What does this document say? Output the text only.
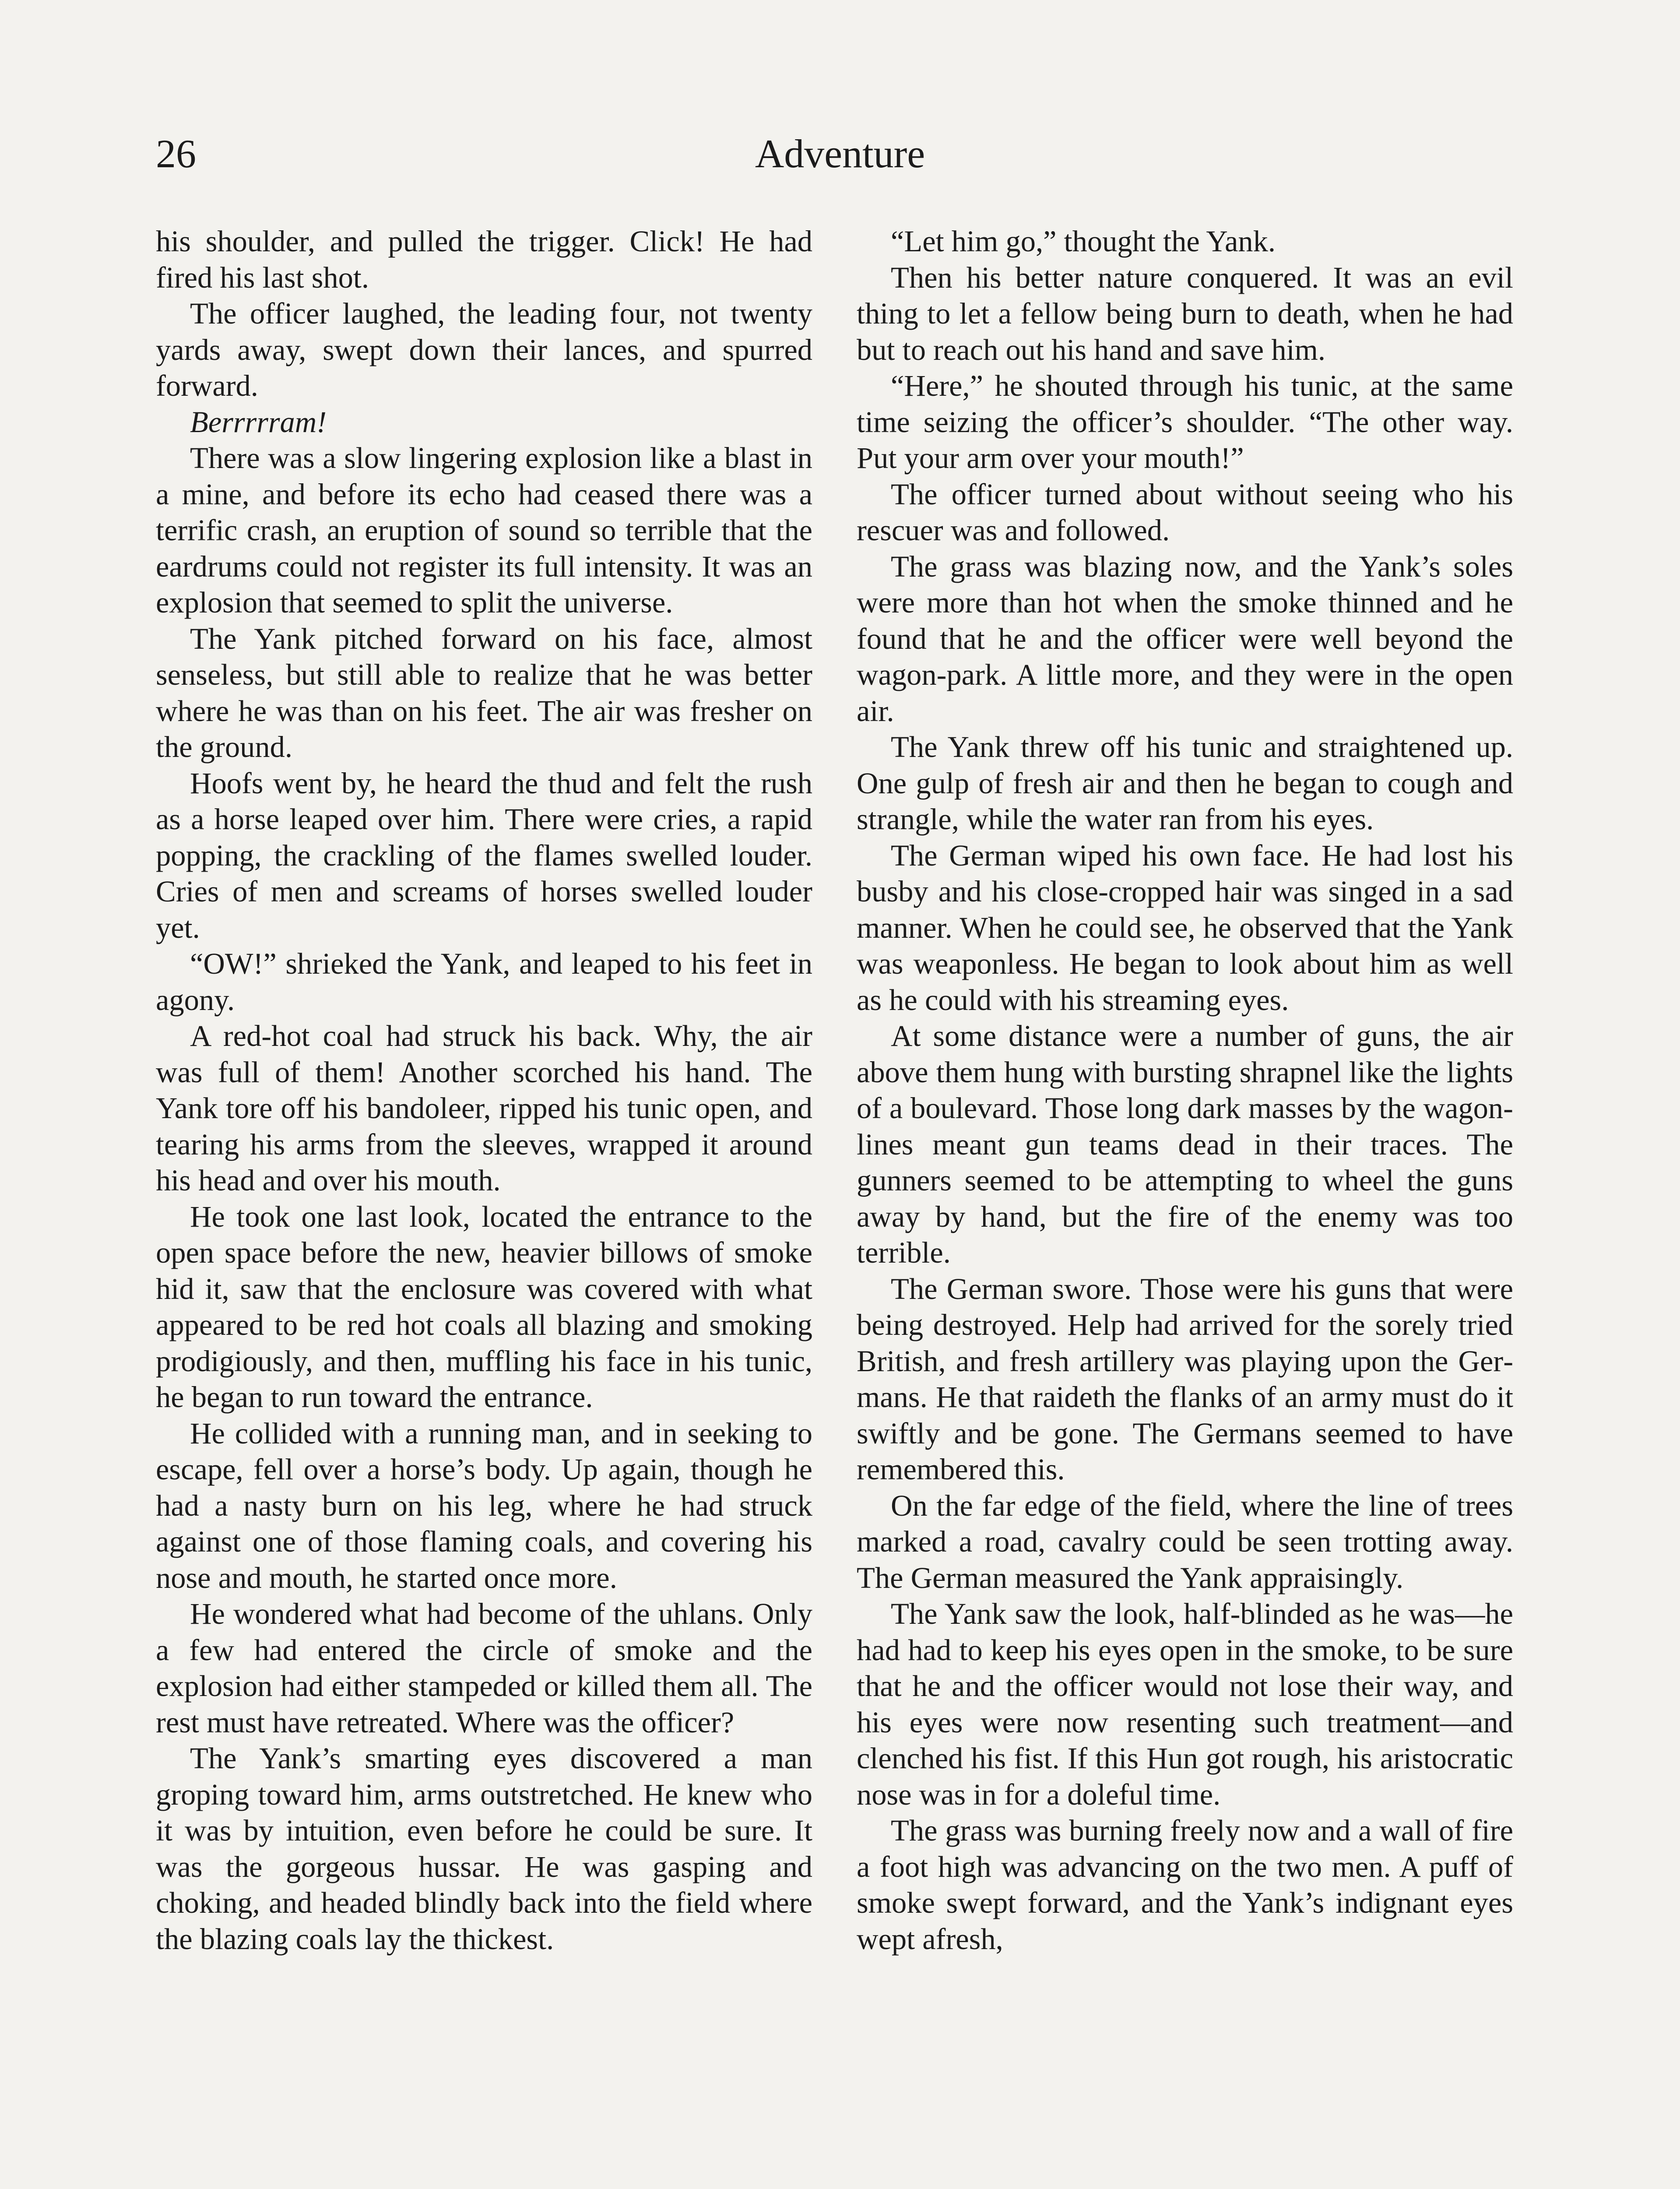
26	Adventure

his shoulder, and pulled the trigger. Click! He had fired his last shot.

The officer laughed, the leading four, not twenty yards away, swept down their lances, and spurred forward.

Berrrrram!

There was a slow lingering explosion like a blast in a mine, and before its echo had ceased there was a terrific crash, an eruption of sound so terrible that the eardrums could not register its full intensity. It was an explosion that seemed to split the universe.

The Yank pitched forward on his face, almost senseless, but still able to realize that he was better where he was than on his feet. The air was fresher on the ground.

Hoofs went by, he heard the thud and felt the rush as a horse leaped over him. There were cries, a rapid popping, the crackling of the flames swelled louder. Cries of men and screams of horses swelled louder yet.

“OW!” shrieked the Yank, and leaped to his feet in agony.

A red-hot coal had struck his back. Why, the air was full of them! Another scorched his hand. The Yank tore off his bandoleer, ripped his tunic open, and tearing his arms from the sleeves, wrapped it around his head and over his mouth.

He took one last look, located the entrance to the open space before the new, heavier billows of smoke hid it, saw that the enclosure was covered with what appeared to be red hot coals all blazing and smoking prodigiously, and then, muffling his face in his tunic, he began to run toward the entrance.

He collided with a running man, and in seeking to escape, fell over a horse’s body. Up again, though he had a nasty burn on his leg, where he had struck against one of those flaming coals, and covering his nose and mouth, he started once more.

He wondered what had become of the uhlans. Only a few had entered the circle of smoke and the explosion had either stampeded or killed them all. The rest must have retreated. Where was the officer?

The Yank’s smarting eyes discovered a man groping toward him, arms outstretched. He knew who it was by intuition, even before he could be sure. It was the gorgeous hussar. He was gasping and choking, and headed blindly back into the field where the blazing coals lay the thickest.

“Let him go,” thought the Yank.

Then his better nature conquered. It was an evil thing to let a fellow being burn to death, when he had but to reach out his hand and save him.

“Here,” he shouted through his tunic, at the same time seizing the officer’s shoulder. “The other way. Put your arm over your mouth!”

The officer turned about without seeing who his rescuer was and followed.

The grass was blazing now, and the Yank’s soles were more than hot when the smoke thinned and he found that he and the officer were well beyond the wagon-park. A little more, and they were in the open air.

The Yank threw off his tunic and straightened up. One gulp of fresh air and then he began to cough and strangle, while the water ran from his eyes.

The German wiped his own face. He had lost his busby and his close-cropped hair was singed in a sad manner. When he could see, he observed that the Yank was weaponless. He began to look about him as well as he could with his streaming eyes.

At some distance were a number of guns, the air above them hung with bursting shrapnel like the lights of a boulevard. Those long dark masses by the wagon-lines meant gun teams dead in their traces. The gunners seemed to be attempting to wheel the guns away by hand, but the fire of the enemy was too terrible.

The German swore. Those were his guns that were being destroyed. Help had arrived for the sorely tried British, and fresh artillery was playing upon the Germans. He that raideth the flanks of an army must do it swiftly and be gone. The Germans seemed to have remembered this.

On the far edge of the field, where the line of trees marked a road, cavalry could be seen trotting away. The German measured the Yank appraisingly.

The Yank saw the look, half-blinded as he was—he had had to keep his eyes open in the smoke, to be sure that he and the officer would not lose their way, and his eyes were now resenting such treatment—and clenched his fist. If this Hun got rough, his aristocratic nose was in for a doleful time.

The grass was burning freely now and a wall of fire a foot high was advancing on the two men. A puff of smoke swept forward, and the Yank’s indignant eyes wept afresh,
